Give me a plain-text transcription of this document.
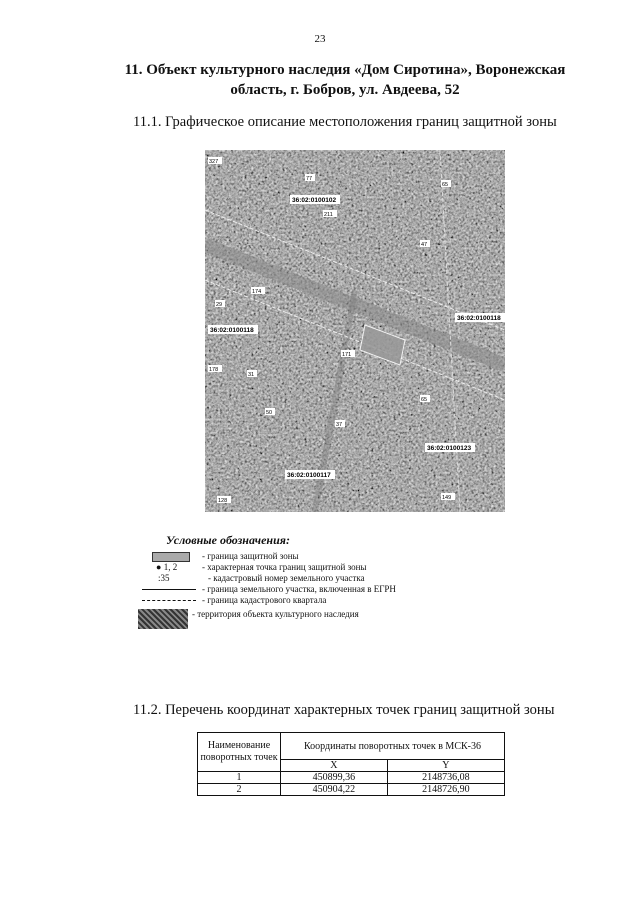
23
11. Объект культурного наследия «Дом Сиротина», Воронежская
область, г. Бобров, ул. Авдеева, 52
11.1. Графическое описание местоположения границ защитной зоны
36:02:0100102
36:02:0100118
36:02:0100118
36:02:0100123
36:02:0100117
327
77
211
65
47
174
29
171
178
31
65
37
50
149
128
Условные обозначения:
- граница защитной зоны
● 1, 2	- характерная точка границ защитной зоны
:35	- кадастровый номер земельного участка
- граница земельного участка, включенная в ЕГРН
- граница кадастрового квартала
- территория объекта культурного наследия
11.2. Перечень координат характерных точек границ защитной зоны
Наименование поворотных точек	Координаты поворотных точек в МСК-36	
	X	Y
1	450899,36	2148736,08
2	450904,22	2148726,90
